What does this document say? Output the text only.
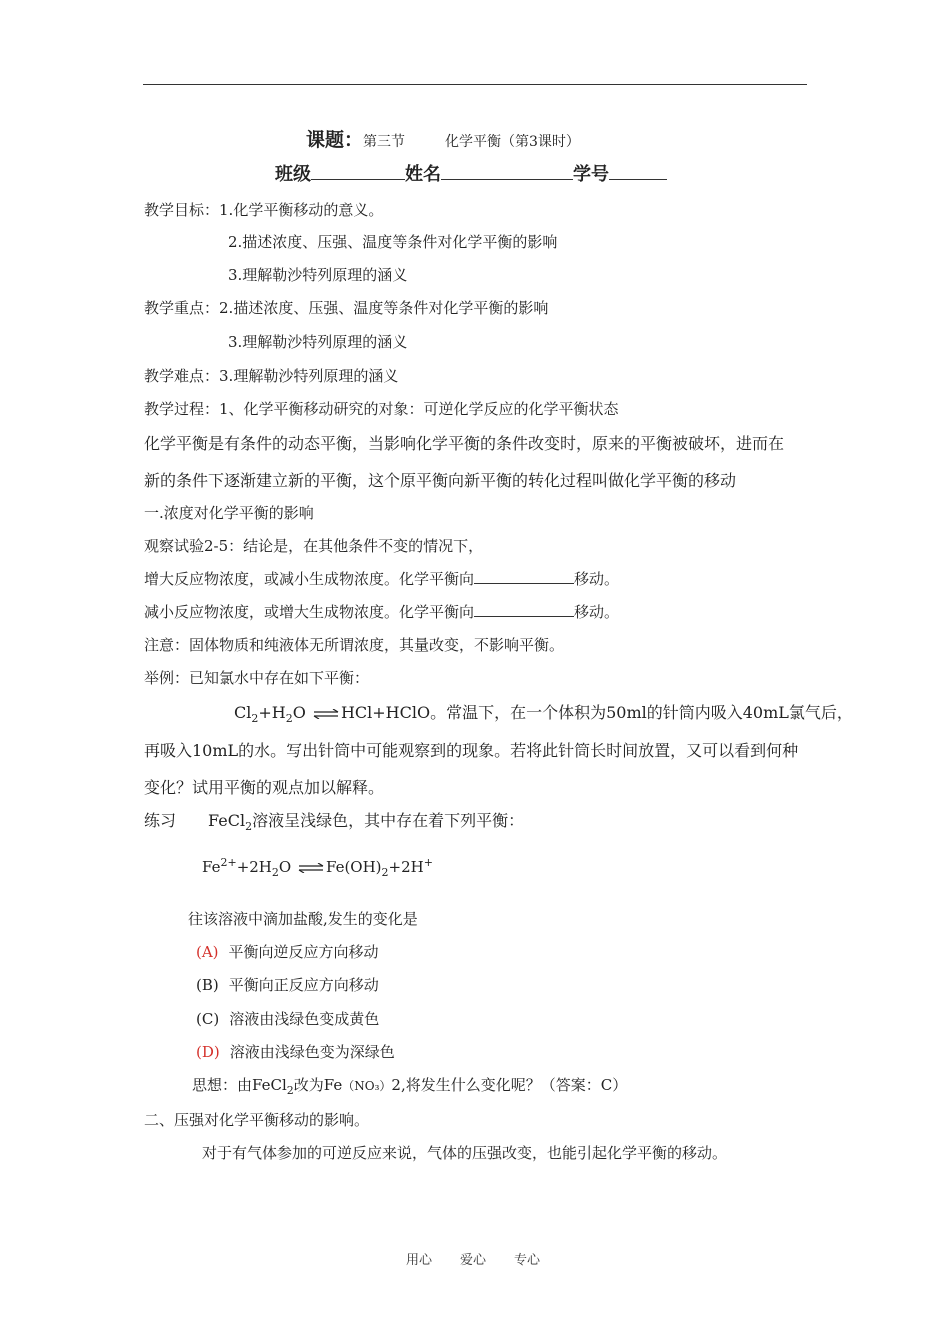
课题：第三节	化学平衡（第3课时）
班级	姓名	学号
教学目标：1.化学平衡移动的意义。
2.描述浓度、压强、温度等条件对化学平衡的影响
3.理解勒沙特列原理的涵义
教学重点：2.描述浓度、压强、温度等条件对化学平衡的影响
3.理解勒沙特列原理的涵义
教学难点：3.理解勒沙特列原理的涵义
教学过程：1、化学平衡移动研究的对象：可逆化学反应的化学平衡状态
化学平衡是有条件的动态平衡，当影响化学平衡的条件改变时，原来的平衡被破坏，进而在
新的条件下逐渐建立新的平衡，这个原平衡向新平衡的转化过程叫做化学平衡的移动
一.浓度对化学平衡的影响
观察试验2-5：结论是，在其他条件不变的情况下，
增大反应物浓度，或减小生成物浓度。化学平衡向	移动。
减小反应物浓度，或增大生成物浓度。化学平衡向	移动。
注意：固体物质和纯液体无所谓浓度，其量改变，不影响平衡。
举例：已知氯水中存在如下平衡：
$Cl_2+H_2O$ ⇌ HCl+HClO。常温下，在一个体积为50ml的针筒内吸入40mL氯气后，
再吸入10mL的水。写出针筒中可能观察到的现象。若将此针筒长时间放置，又可以看到何种
变化？试用平衡的观点加以解释。
练习 FeCl$_2$溶液呈浅绿色，其中存在着下列平衡：
$Fe^{2+}+2H_2O$ ⇌ $Fe(OH)_2+2H^+$
往该溶液中滴加盐酸,发生的变化是
(A) 平衡向逆反应方向移动
(B) 平衡向正反应方向移动
(C) 溶液由浅绿色变成黄色
(D) 溶液由浅绿色变为深绿色
思想：由FeCl$_2$改为Fe（NO₃）2,将发生什么变化呢？（答案：C）
二、压强对化学平衡移动的影响。
对于有气体参加的可逆反应来说，气体的压强改变，也能引起化学平衡的移动。
用心 爱心 专心
